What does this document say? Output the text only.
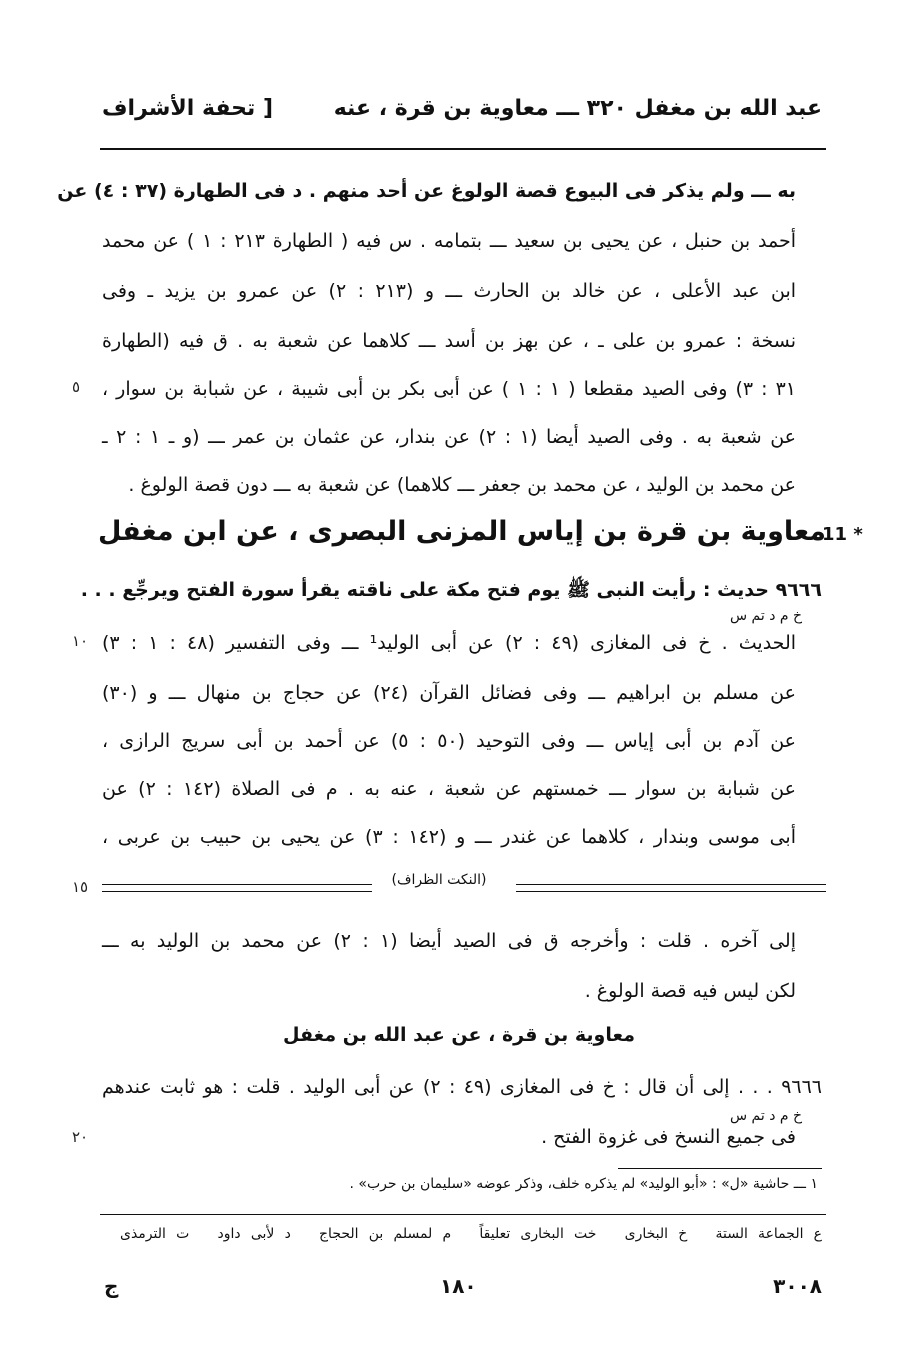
عبد الله بن مغفل ٣٢٠ ـــ معاوية بن قرة ، عنه
[ تحفة الأشراف
به ـــ ولم يذكر فى البيوع قصة الولوغ عن أحد منهم . د فى الطهارة (٣٧ : ٤) عن
أحمد بن حنبل ، عن يحيى بن سعيد ـــ بتمامه . س فيه ( الطهارة ٢١٣ : ١ ) عن محمد
ابن عبد الأعلى ، عن خالد بن الحارث ـــ و (٢١٣ : ٢) عن عمرو بن يزيد ـ وفى
نسخة : عمرو بن على ـ ، عن بهز بن أسد ـــ كلاهما عن شعبة به . ق فيه (الطهارة
٣١ : ٣) وفى الصيد مقطعا ( ١ : ١ ) عن أبى بكر بن أبى شيبة ، عن شبابة بن سوار ،
عن شعبة به . وفى الصيد أيضا (١ : ٢) عن بندار، عن عثمان بن عمر ـــ (و ـ ١ : ٢ ـ
عن محمد بن الوليد ، عن محمد بن جعفر ـــ كلاهما) عن شعبة به ـــ دون قصة الولوغ .
٥
11 *
معاوية بن قرة بن إياس المزنى البصرى ، عن ابن مغفل
٩٦٦٦ حديث : رأيت النبى ﷺ يوم فتح مكة على ناقته يقرأ سورة الفتح ويرجِّع . . .
خ م د تم س
الحديث . خ فى المغازى (٤٩ : ٢) عن أبى الوليد¹ ـــ وفى التفسير (٤٨ : ١ : ٣)
١٠
عن مسلم بن ابراهيم ـــ وفى فضائل القرآن (٢٤) عن حجاج بن منهال ـــ و (٣٠)
عن آدم بن أبى إياس ـــ وفى التوحيد (٥٠ : ٥) عن أحمد بن أبى سريج الرازى ،
عن شبابة بن سوار ـــ خمستهم عن شعبة ، عنه به . م فى الصلاة (١٤٢ : ٢) عن
أبى موسى وبندار ، كلاهما عن غندر ـــ و (١٤٢ : ٣) عن يحيى بن حبيب بن عربى ،
(النكت الظراف)
١٥
إلى آخره . قلت : وأخرجه ق فى الصيد أيضا (١ : ٢) عن محمد بن الوليد به ـــ
لكن ليس فيه قصة الولوغ .
معاوية بن قرة ، عن عبد الله بن مغفل
٩٦٦٦ . . . إلى أن قال : خ فى المغازى (٤٩ : ٢) عن أبى الوليد . قلت : هو ثابت عندهم
خ م د تم س
فى جميع النسخ فى غزوة الفتح .
٢٠
١ ـــ حاشية «ل» : «أبو الوليد» لم يذكره خلف، وذكر عوضه «سليمان بن حرب» .
ع الجماعة الستة خ البخارى خت البخارى تعليقاً م لمسلم بن الحجاج د لأبى داود ت الترمذى
ج	١٨٠	٣٠٠٨
